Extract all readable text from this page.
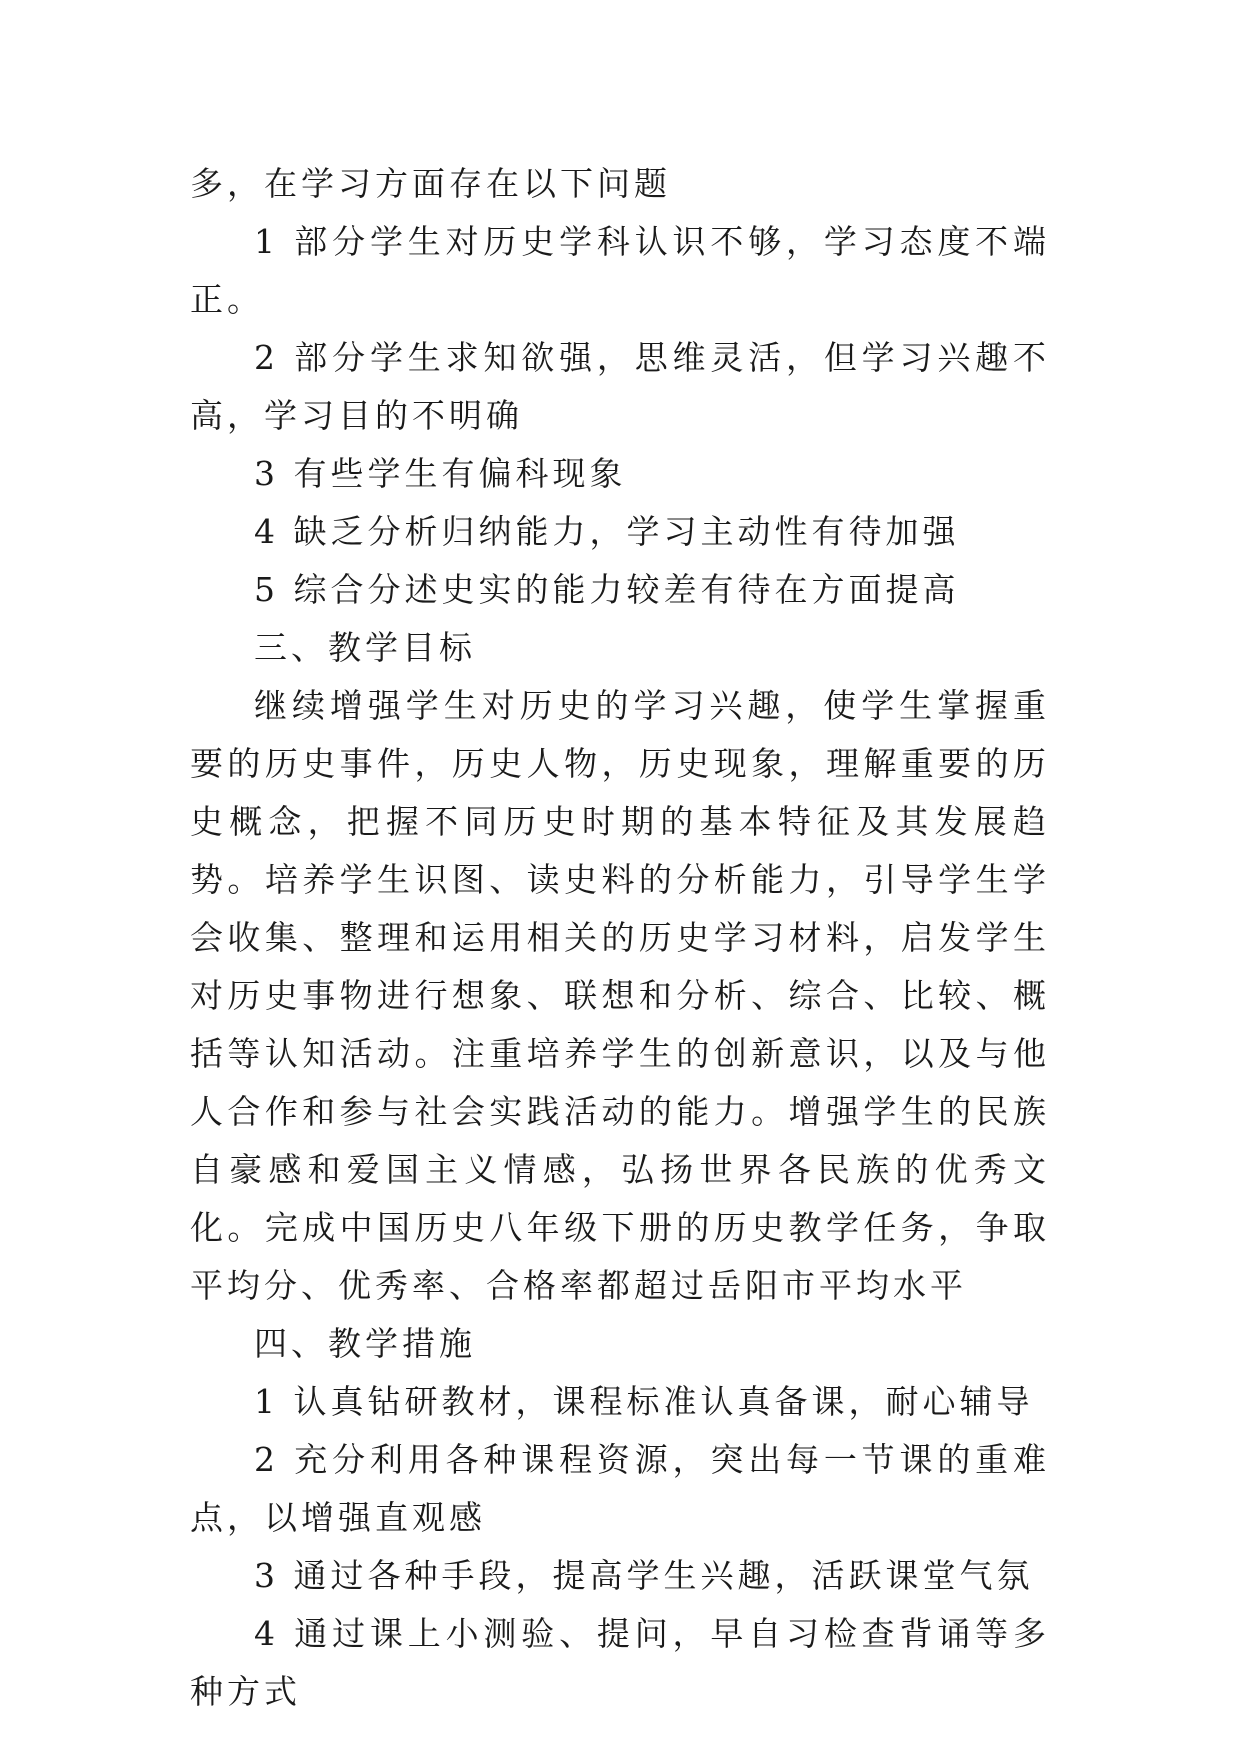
多，在学习方面存在以下问题

1 部分学生对历史学科认识不够，学习态度不端正。

2 部分学生求知欲强，思维灵活，但学习兴趣不高，学习目的不明确

3 有些学生有偏科现象

4 缺乏分析归纳能力，学习主动性有待加强

5 综合分述史实的能力较差有待在方面提高

三、教学目标

继续增强学生对历史的学习兴趣，使学生掌握重要的历史事件，历史人物，历史现象，理解重要的历史概念，把握不同历史时期的基本特征及其发展趋势。培养学生识图、读史料的分析能力，引导学生学会收集、整理和运用相关的历史学习材料，启发学生对历史事物进行想象、联想和分析、综合、比较、概括等认知活动。注重培养学生的创新意识，以及与他人合作和参与社会实践活动的能力。增强学生的民族自豪感和爱国主义情感，弘扬世界各民族的优秀文化。完成中国历史八年级下册的历史教学任务，争取平均分、优秀率、合格率都超过岳阳市平均水平

四、教学措施

1 认真钻研教材，课程标准认真备课，耐心辅导

2 充分利用各种课程资源，突出每一节课的重难点，以增强直观感

3 通过各种手段，提高学生兴趣，活跃课堂气氛

4 通过课上小测验、提问，早自习检查背诵等多种方式
